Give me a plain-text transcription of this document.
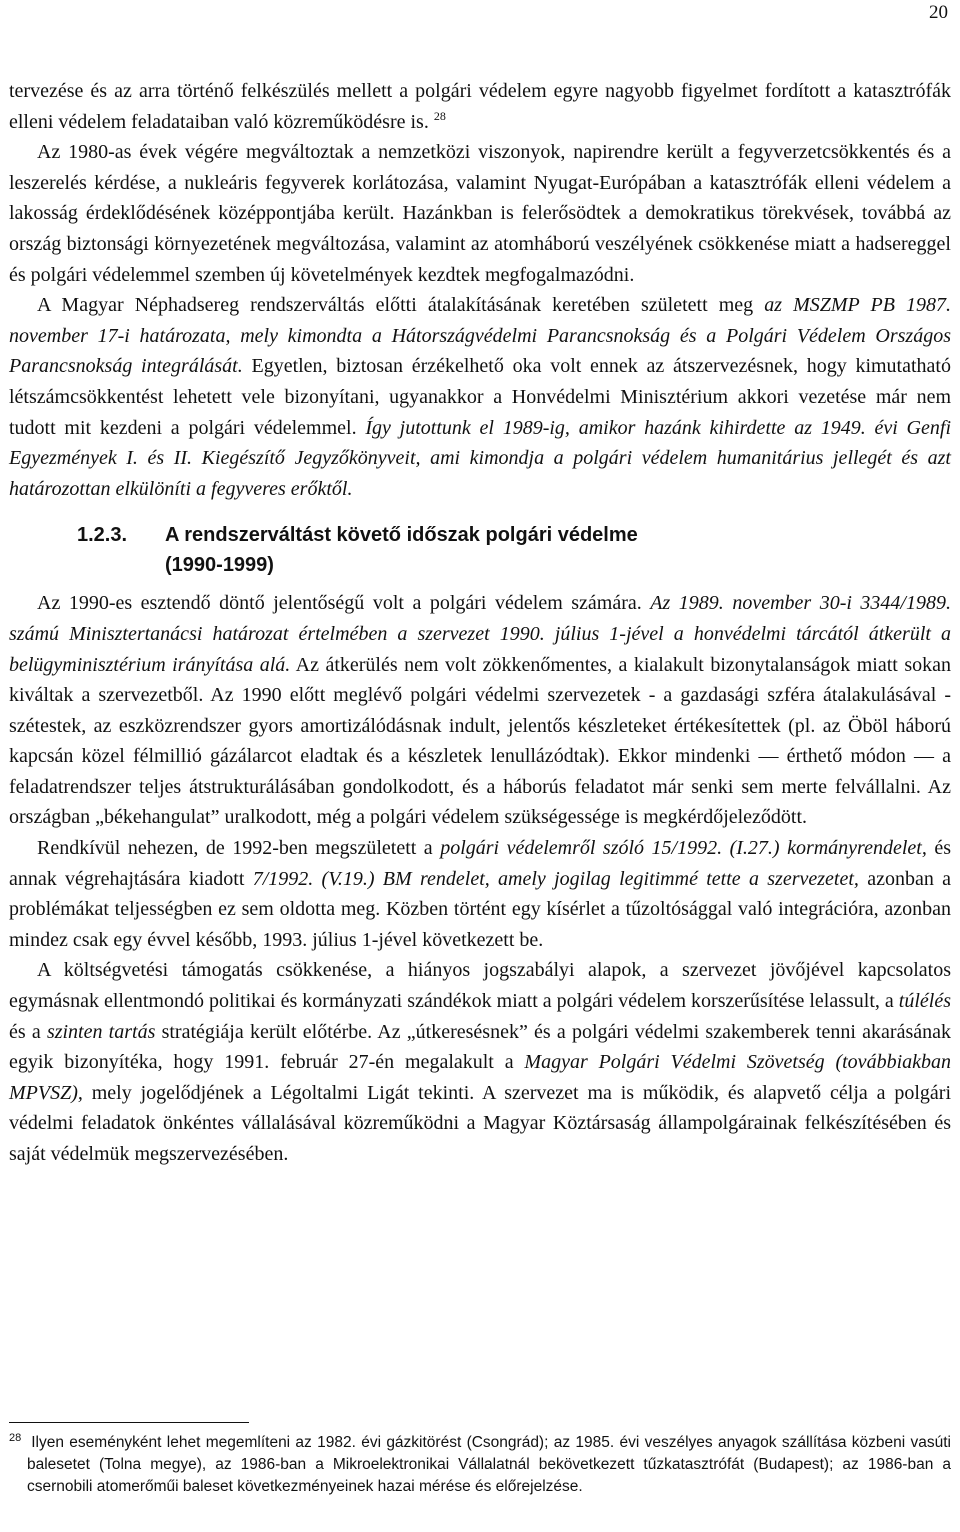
20

tervezése és az arra történő felkészülés mellett a polgári védelem egyre nagyobb figyelmet fordított a katasztrófák elleni védelem feladataiban való közreműködésre is. $^{28}$

Az 1980-as évek végére megváltoztak a nemzetközi viszonyok, napirendre került a fegyverzetcsökkentés és a leszerelés kérdése, a nukleáris fegyverek korlátozása, valamint Nyugat-Európában a katasztrófák elleni védelem a lakosság érdeklődésének középpontjába került. Hazánkban is felerősödtek a demokratikus törekvések, továbbá az ország biztonsági környezetének megváltozása, valamint az atomháború veszélyének csökkenése miatt a hadsereggel és polgári védelemmel szemben új követelmények kezdtek megfogalmazódni.

A Magyar Néphadsereg rendszerváltás előtti átalakításának keretében született meg az MSZMP PB 1987. november 17-i határozata, mely kimondta a Hátországvédelmi Parancsnokság és a Polgári Védelem Országos Parancsnokság integrálását. Egyetlen, biztosan érzékelhető oka volt ennek az átszervezésnek, hogy kimutatható létszámcsökkentést lehetett vele bizonyítani, ugyanakkor a Honvédelmi Minisztérium akkori vezetése már nem tudott mit kezdeni a polgári védelemmel. Így jutottunk el 1989-ig, amikor hazánk kihirdette az 1949. évi Genfi Egyezmények I. és II. Kiegészítő Jegyzőkönyveit, ami kimondja a polgári védelem humanitárius jellegét és azt határozottan elkülöníti a fegyveres erőktől.

1.2.3.	A rendszerváltást követő időszak polgári védelme
(1990-1999)

Az 1990-es esztendő döntő jelentőségű volt a polgári védelem számára. Az 1989. november 30-i 3344/1989. számú Minisztertanácsi határozat értelmében a szervezet 1990. július 1-jével a honvédelmi tárcától átkerült a belügyminisztérium irányítása alá. Az átkerülés nem volt zökkenőmentes, a kialakult bizonytalanságok miatt sokan kiváltak a szervezetből. Az 1990 előtt meglévő polgári védelmi szervezetek - a gazdasági szféra átalakulásával - szétestek, az eszközrendszer gyors amortizálódásnak indult, jelentős készleteket értékesítettek (pl. az Öböl háború kapcsán közel félmillió gázálarcot eladtak és a készletek lenullázódtak). Ekkor mindenki — érthető módon — a feladatrendszer teljes átstrukturálásában gondolkodott, és a háborús feladatot már senki sem merte felvállalni. Az országban „békehangulat” uralkodott, még a polgári védelem szükségessége is megkérdőjeleződött.

Rendkívül nehezen, de 1992-ben megszületett a polgári védelemről szóló 15/1992. (I.27.) kormányrendelet, és annak végrehajtására kiadott 7/1992. (V.19.) BM rendelet, amely jogilag legitimmé tette a szervezetet, azonban a problémákat teljességben ez sem oldotta meg. Közben történt egy kísérlet a tűzoltósággal való integrációra, azonban mindez csak egy évvel később, 1993. július 1-jével következett be.

A költségvetési támogatás csökkenése, a hiányos jogszabályi alapok, a szervezet jövőjével kapcsolatos egymásnak ellentmondó politikai és kormányzati szándékok miatt a polgári védelem korszerűsítése lelassult, a túlélés és a szinten tartás stratégiája került előtérbe. Az „útkeresésnek” és a polgári védelmi szakemberek tenni akarásának egyik bizonyítéka, hogy 1991. február 27-én megalakult a Magyar Polgári Védelmi Szövetség (továbbiakban MPVSZ), mely jogelődjének a Légoltalmi Ligát tekinti. A szervezet ma is működik, és alapvető célja a polgári védelmi feladatok önkéntes vállalásával közreműködni a Magyar Köztársaság állampolgárainak felkészítésében és saját védelmük megszervezésében.

$^{28}$ Ilyen eseményként lehet megemlíteni az 1982. évi gázkitörést (Csongrád); az 1985. évi veszélyes anyagok szállítása közbeni vasúti balesetet (Tolna megye), az 1986-ban a Mikroelektronikai Vállalatnál bekövetkezett tűzkatasztrófát (Budapest); az 1986-ban a csernobili atomerőműi baleset következményeinek hazai mérése és előrejelzése.
